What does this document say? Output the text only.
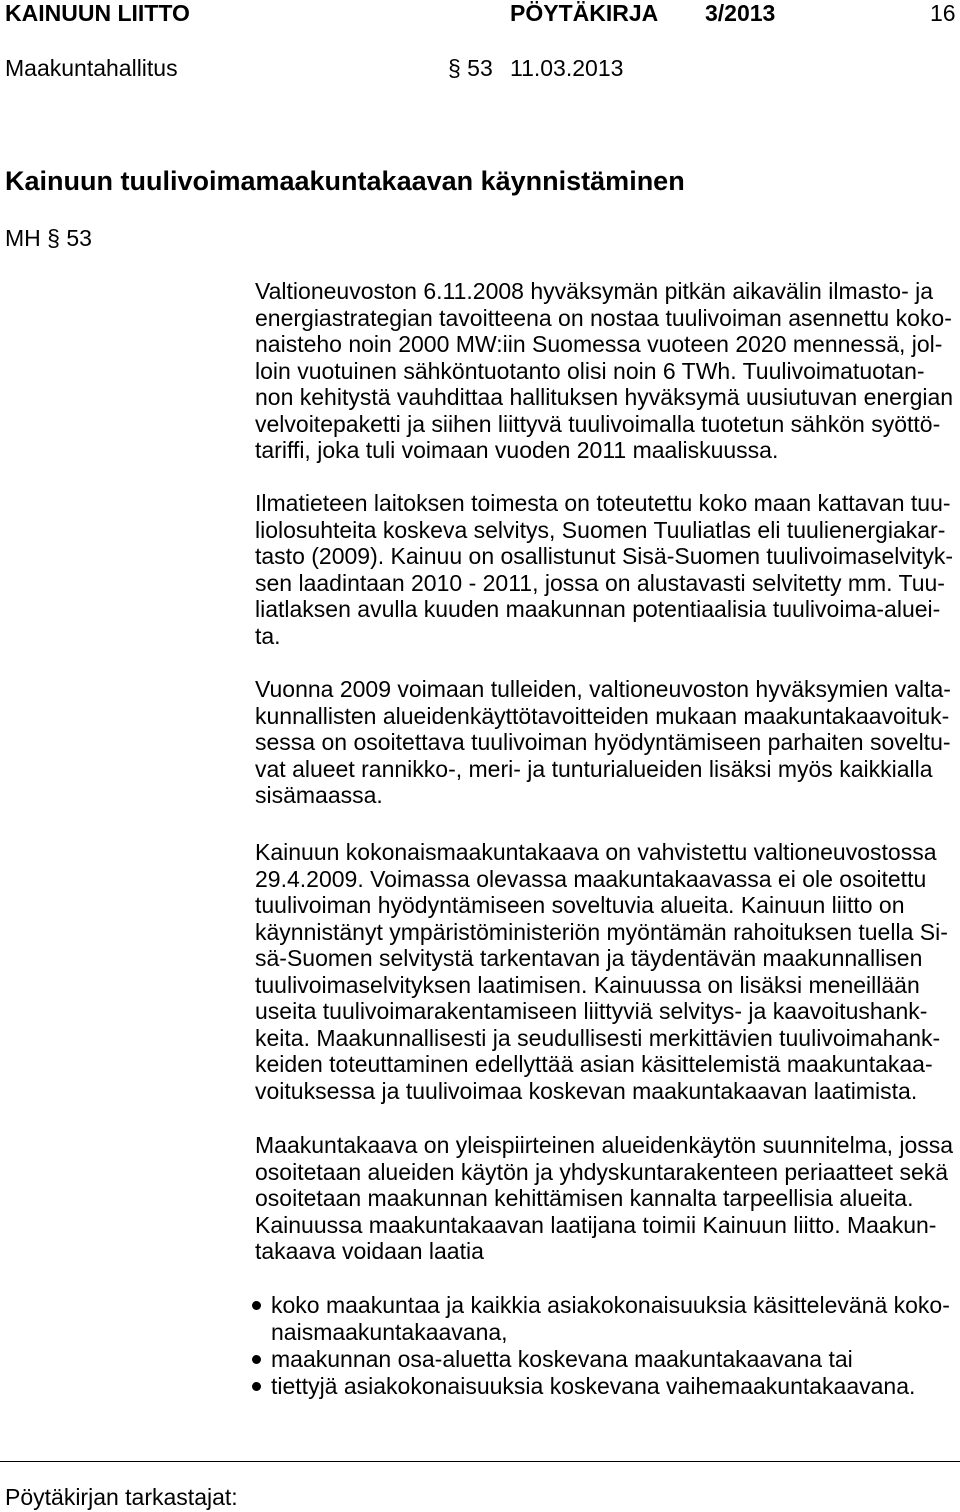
KAINUUN LIITTO	PÖYTÄKIRJA 3/2013	16
Maakuntahallitus	§ 53 11.03.2013
Kainuun tuulivoimamaakuntakaavan käynnistäminen
MH § 53
Valtioneuvoston 6.11.2008 hyväksymän pitkän aikavälin ilmasto- ja
energiastrategian tavoitteena on nostaa tuulivoiman asennettu koko-
naisteho noin 2000 MW:iin Suomessa vuoteen 2020 mennessä, jol-
loin vuotuinen sähköntuotanto olisi noin 6 TWh. Tuulivoimatuotan-
non kehitystä vauhdittaa hallituksen hyväksymä uusiutuvan energian
velvoitepaketti ja siihen liittyvä tuulivoimalla tuotetun sähkön syöttö-
tariffi, joka tuli voimaan vuoden 2011 maaliskuussa.
Ilmatieteen laitoksen toimesta on toteutettu koko maan kattavan tuu-
liolosuhteita koskeva selvitys, Suomen Tuuliatlas eli tuulienergiakar-
tasto (2009). Kainuu on osallistunut Sisä-Suomen tuulivoimaselvityk-
sen laadintaan 2010 - 2011, jossa on alustavasti selvitetty mm. Tuu-
liatlaksen avulla kuuden maakunnan potentiaalisia tuulivoima-aluei-
ta.
Vuonna 2009 voimaan tulleiden, valtioneuvoston hyväksymien valta-
kunnallisten alueidenkäyttötavoitteiden mukaan maakuntakaavoituk-
sessa on osoitettava tuulivoiman hyödyntämiseen parhaiten soveltu-
vat alueet rannikko-, meri- ja tunturialueiden lisäksi myös kaikkialla
sisämaassa.
Kainuun kokonaismaakuntakaava on vahvistettu valtioneuvostossa
29.4.2009. Voimassa olevassa maakuntakaavassa ei ole osoitettu
tuulivoiman hyödyntämiseen soveltuvia alueita. Kainuun liitto on
käynnistänyt ympäristöministeriön myöntämän rahoituksen tuella Si-
sä-Suomen selvitystä tarkentavan ja täydentävän maakunnallisen
tuulivoimaselvityksen laatimisen. Kainuussa on lisäksi meneillään
useita tuulivoimarakentamiseen liittyviä selvitys- ja kaavoitushank-
keita. Maakunnallisesti ja seudullisesti merkittävien tuulivoimahank-
keiden toteuttaminen edellyttää asian käsittelemistä maakuntakaa-
voituksessa ja tuulivoimaa koskevan maakuntakaavan laatimista.
Maakuntakaava on yleispiirteinen alueidenkäytön suunnitelma, jossa
osoitetaan alueiden käytön ja yhdyskuntarakenteen periaatteet sekä
osoitetaan maakunnan kehittämisen kannalta tarpeellisia alueita.
Kainuussa maakuntakaavan laatijana toimii Kainuun liitto. Maakun-
takaava voidaan laatia
koko maakuntaa ja kaikkia asiakokonaisuuksia käsittelevänä koko-
naismaakuntakaavana,
maakunnan osa-aluetta koskevana maakuntakaavana tai
tiettyjä asiakokonaisuuksia koskevana vaihemaakuntakaavana.
Pöytäkirjan tarkastajat:
